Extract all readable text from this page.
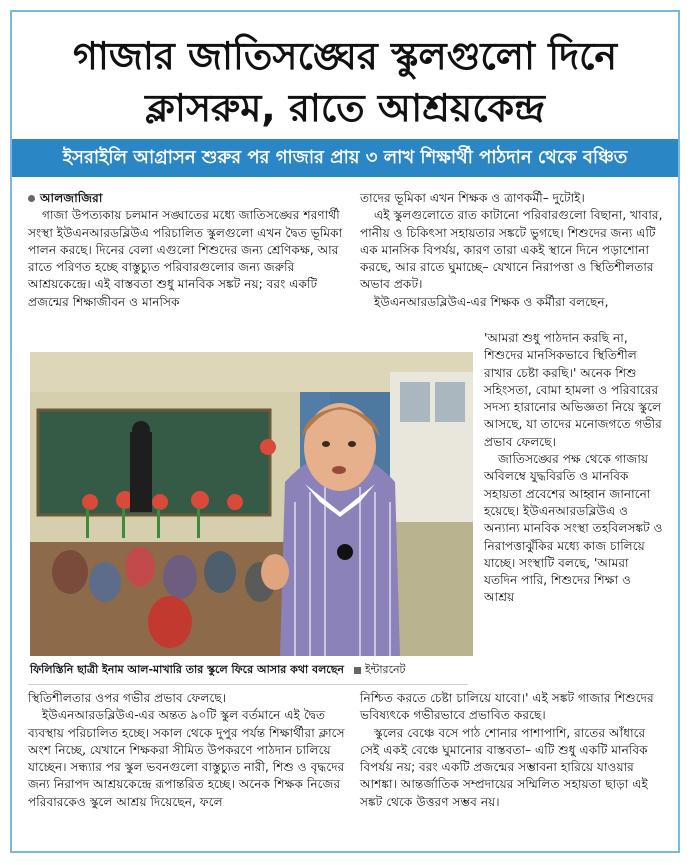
গাজার জাতিসঙ্ঘের স্কুলগুলো দিনে
ক্লাসরুম, রাতে আশ্রয়কেন্দ্র
ইসরাইলি আগ্রাসন শুরুর পর গাজার প্রায় ৩ লাখ শিক্ষার্থী পাঠদান থেকে বঞ্চিত

আলজাজিরা

গাজা উপত্যকায় চলমান সঙ্ঘাতের মধ্যে জাতিসঙ্ঘের শরণার্থী সংস্থা ইউএনআরডব্লিউএ পরিচালিত স্কুলগুলো এখন দ্বৈত ভূমিকা পালন করছে। দিনের বেলা এগুলো শিশুদের জন্য শ্রেণিকক্ষ, আর রাতে পরিণত হচ্ছে বাস্তুচ্যুত পরিবারগুলোর জন্য জরুরি আশ্রয়কেন্দ্রে। এই বাস্তবতা শুধু মানবিক সঙ্কট নয়; বরং একটি প্রজন্মের শিক্ষাজীবন ও মানসিক

তাদের ভূমিকা এখন শিক্ষক ও ত্রাণকর্মী– দুটোই।

এই স্কুলগুলোতে রাত কাটানো পরিবারগুলো বিছানা, খাবার, পানীয় ও চিকিৎসা সহায়তার সঙ্কটে ভুগছে। শিশুদের জন্য এটি এক মানসিক বিপর্যয়, কারণ তারা একই স্থানে দিনে পড়াশোনা করছে, আর রাতে ঘুমাচ্ছে– যেখানে নিরাপত্তা ও স্থিতিশীলতার অভাব প্রকট।

ইউএনআরডব্লিউএ-এর শিক্ষক ও কর্মীরা বলছেন,

'আমরা শুধু পাঠদান করছি না, শিশুদের মানসিকভাবে স্থিতিশীল রাখার চেষ্টা করছি।' অনেক শিশু সহিংসতা, বোমা হামলা ও পরিবারের সদস্য হারানোর অভিজ্ঞতা নিয়ে স্কুলে আসছে, যা তাদের মনোজগতে গভীর প্রভাব ফেলছে।

জাতিসঙ্ঘের পক্ষ থেকে গাজায় অবিলম্বে যুদ্ধবিরতি ও মানবিক সহায়তা প্রবেশের আহ্বান জানানো হয়েছে। ইউএনআরডব্লিউএ ও অন্যান্য মানবিক সংস্থা তহবিলসঙ্কট ও নিরাপত্তাঝুঁকির মধ্যে কাজ চালিয়ে যাচ্ছে। সংস্থাটি বলছে, 'আমরা যতদিন পারি, শিশুদের শিক্ষা ও আশ্রয়

ফিলিস্তিনি ছাত্রী ইনাম আল-মাখারি তার স্কুলে ফিরে আসার কথা বলছেন ইন্টারনেট

স্থিতিশীলতার ওপর গভীর প্রভাব ফেলছে।

ইউএনআরডব্লিউএ-এর অন্তত ৯০টি স্কুল বর্তমানে এই দ্বৈত ব্যবস্থায় পরিচালিত হচ্ছে। সকাল থেকে দুপুর পর্যন্ত শিক্ষার্থীরা ক্লাসে অংশ নিচ্ছে, যেখানে শিক্ষকরা সীমিত উপকরণে পাঠদান চালিয়ে যাচ্ছেন। সন্ধ্যার পর স্কুল ভবনগুলো বাস্তুচ্যুত নারী, শিশু ও বৃদ্ধদের জন্য নিরাপদ আশ্রয়কেন্দ্রে রূপান্তরিত হচ্ছে। অনেক শিক্ষক নিজের পরিবারকেও স্কুলে আশ্রয় দিয়েছেন, ফলে

নিশ্চিত করতে চেষ্টা চালিয়ে যাবো।' এই সঙ্কট গাজার শিশুদের ভবিষ্যৎকে গভীরভাবে প্রভাবিত করছে।

স্কুলের বেঞ্চে বসে পাঠ শোনার পাশাপাশি, রাতের আঁধারে সেই একই বেঞ্চে ঘুমানোর বাস্তবতা– এটি শুধু একটি মানবিক বিপর্যয় নয়; বরং একটি প্রজন্মের সম্ভাবনা হারিয়ে যাওয়ার আশঙ্কা। আন্তর্জাতিক সম্প্রদায়ের সম্মিলিত সহায়তা ছাড়া এই সঙ্কট থেকে উত্তরণ সম্ভব নয়।
